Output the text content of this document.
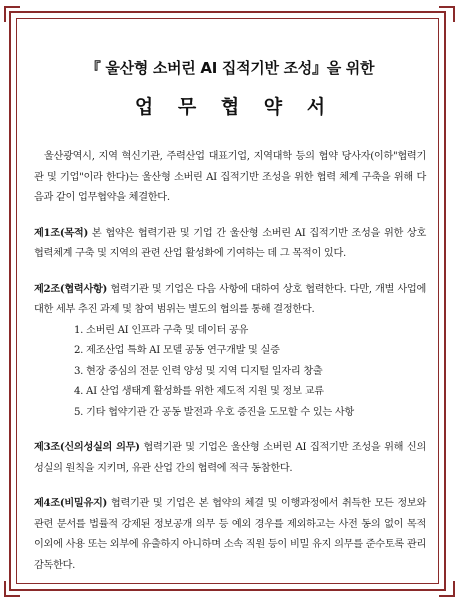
『 울산형 소버린 AI 집적기반 조성』을 위한
업 무 협 약 서
울산광역시, 지역 혁신기관, 주력산업 대표기업, 지역대학 등의 협약 당사자(이하"협력기관 및 기업"이라 한다)는 울산형 소버린 AI 집적기반 조성을 위한 협력 체계 구축을 위해 다음과 같이 업무협약을 체결한다.
제1조(목적) 본 협약은 협력기관 및 기업 간 울산형 소버린 AI 집적기반 조성을 위한 상호 협력체계 구축 및 지역의 관련 산업 활성화에 기여하는 데 그 목적이 있다.
제2조(협력사항) 협력기관 및 기업은 다음 사항에 대하여 상호 협력한다. 다만, 개별 사업에 대한 세부 추진 과제 및 참여 범위는 별도의 협의를 통해 결정한다.
1. 소버린 AI 인프라 구축 및 데이터 공유
2. 제조산업 특화 AI 모델 공동 연구개발 및 실증
3. 현장 중심의 전문 인력 양성 및 지역 디지털 일자리 창출
4. AI 산업 생태계 활성화를 위한 제도적 지원 및 정보 교류
5. 기타 협약기관 간 공동 발전과 우호 증진을 도모할 수 있는 사항
제3조(신의성실의 의무) 협력기관 및 기업은 울산형 소버린 AI 집적기반 조성을 위해 신의성실의 원칙을 지키며, 유관 산업 간의 협력에 적극 동참한다.
제4조(비밀유지) 협력기관 및 기업은 본 협약의 체결 및 이행과정에서 취득한 모든 정보와 관련 문서를 법률적 강제된 정보공개 의무 등 예외 경우를 제외하고는 사전 동의 없이 목적 이외에 사용 또는 외부에 유출하지 아니하며 소속 직원 등이 비밀 유지 의무를 준수토록 관리 감독한다.
